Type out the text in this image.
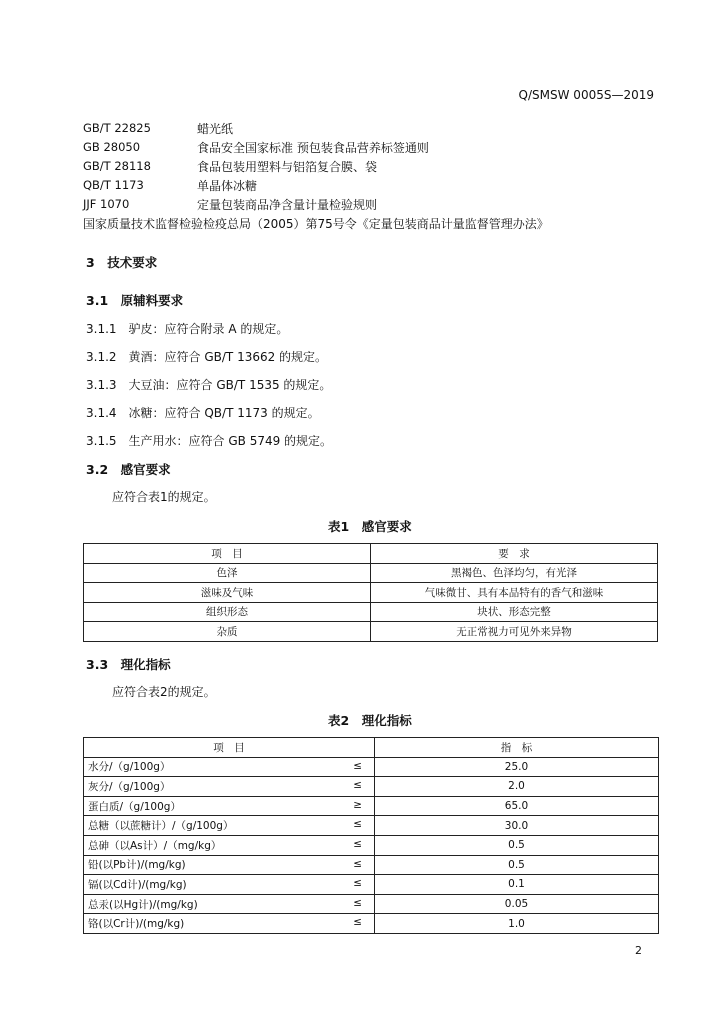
Q/SMSW 0005S—2019
GB/T 22825	蜡光纸
GB 28050	食品安全国家标准 预包装食品营养标签通则
GB/T 28118	食品包装用塑料与铝箔复合膜、袋
QB/T 1173	单晶体冰糖
JJF 1070	定量包装商品净含量计量检验规则
国家质量技术监督检验检疫总局（2005）第75号令《定量包装商品计量监督管理办法》
3　技术要求
3.1　原辅料要求
3.1.1　驴皮：应符合附录 A 的规定。
3.1.2　黄酒：应符合 GB/T 13662 的规定。
3.1.3　大豆油：应符合 GB/T 1535 的规定。
3.1.4　冰糖：应符合 QB/T 1173 的规定。
3.1.5　生产用水：应符合 GB 5749 的规定。
3.2　感官要求
应符合表1的规定。
表1　感官要求
项　目	要　求
色泽	黑褐色、色泽均匀，有光泽
滋味及气味	气味微甘、具有本品特有的香气和滋味
组织形态	块状、形态完整
杂质	无正常视力可见外来异物
3.3　理化指标
应符合表2的规定。
表2　理化指标
项　目	指　标
水分/（g/100g） ≤	25.0
灰分/（g/100g） ≤	2.0
蛋白质/（g/100g） ≥	65.0
总糖（以蔗糖计）/（g/100g） ≤	30.0
总砷（以As计）/（mg/kg） ≤	0.5
铅(以Pb计)/(mg/kg) ≤	0.5
镉(以Cd计)/(mg/kg) ≤	0.1
总汞(以Hg计)/(mg/kg) ≤	0.05
铬(以Cr计)/(mg/kg) ≤	1.0
2
